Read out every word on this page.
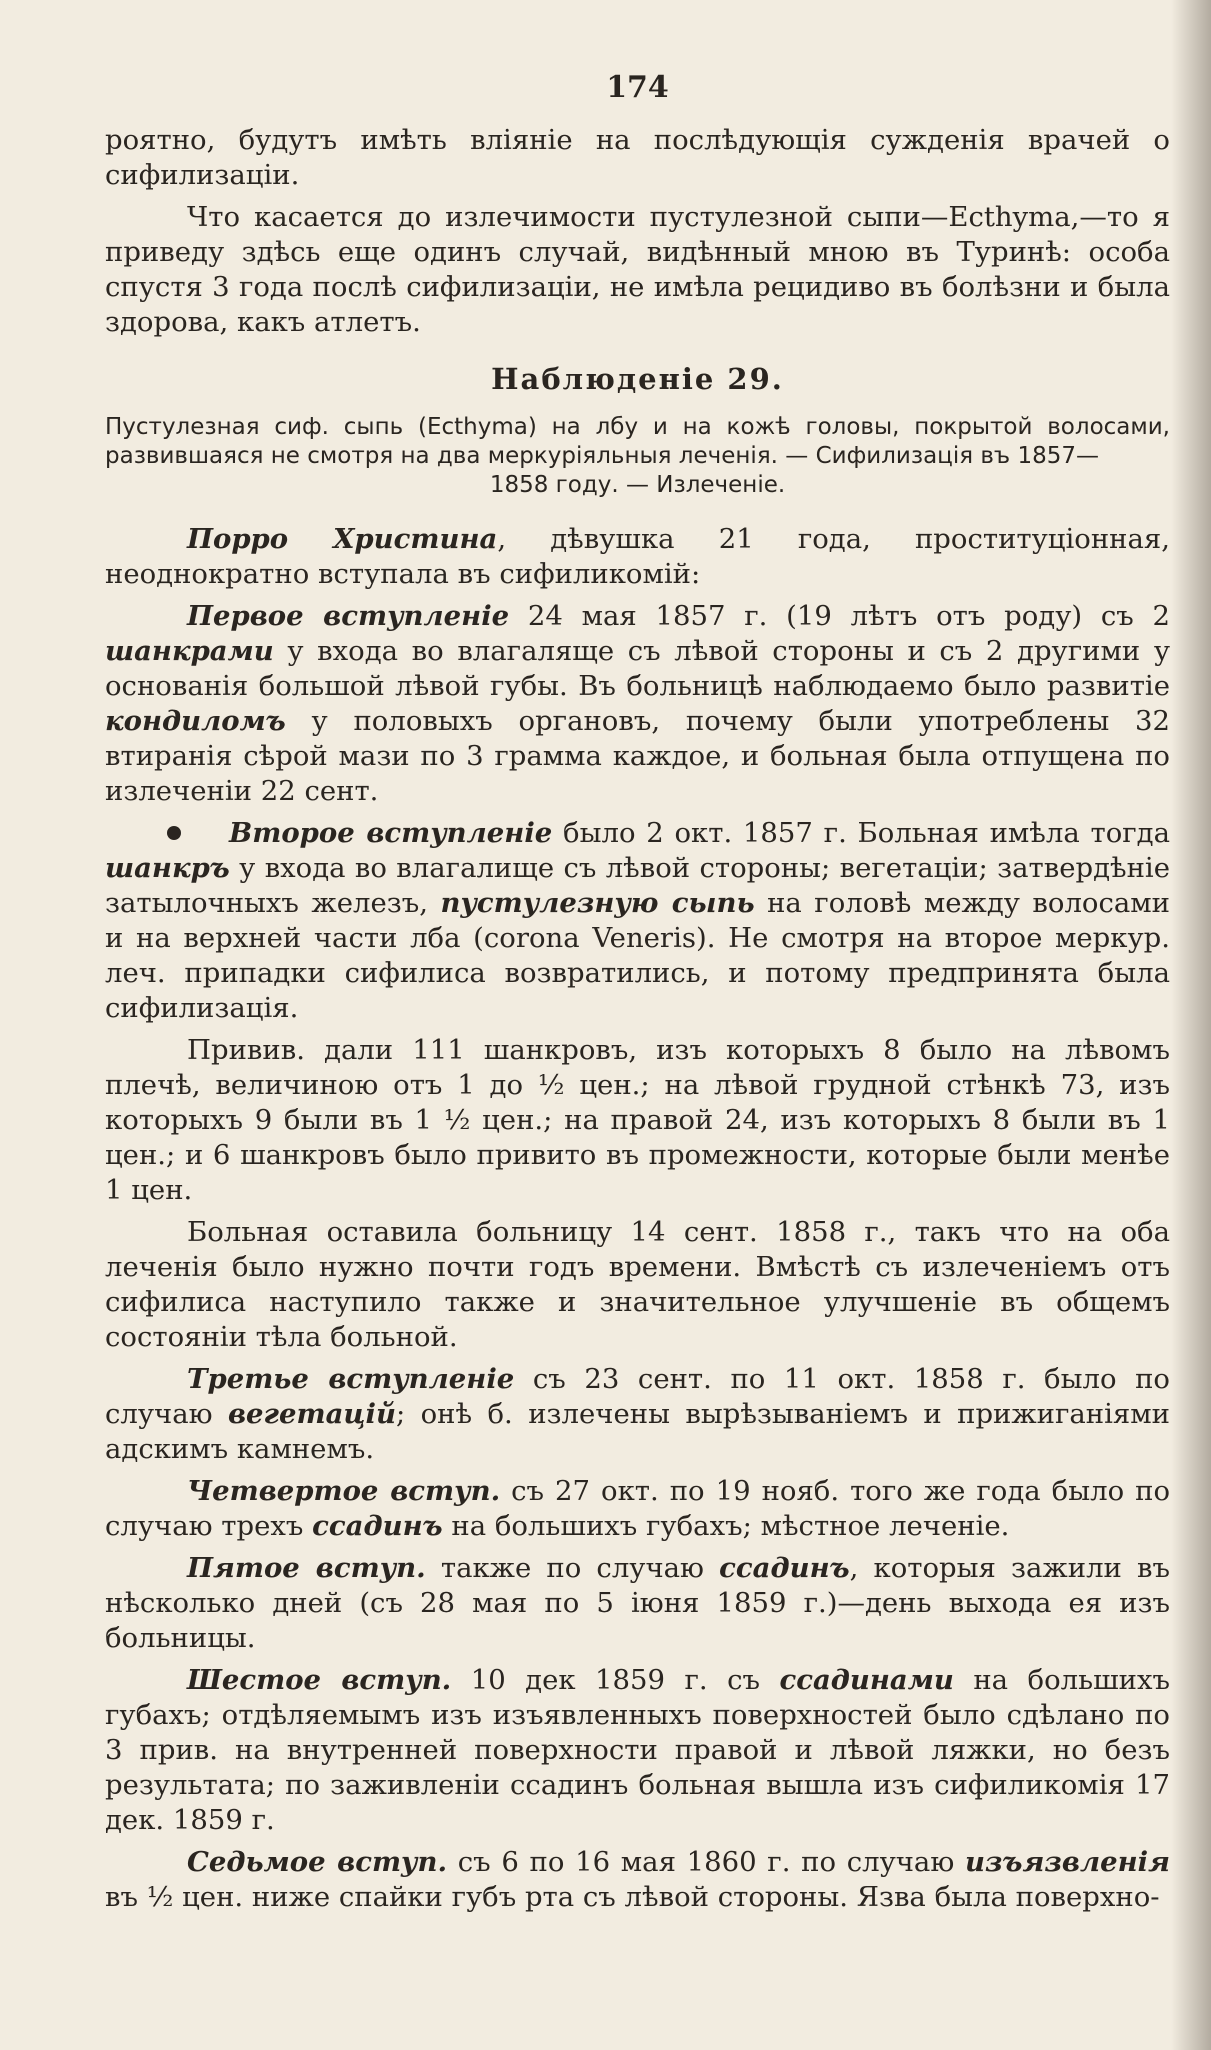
174

роятно, будутъ имѣть вліяніе на послѣдующія сужденія врачей о сифилизаціи.

Что касается до излечимости пустулезной сыпи—Ecthyma,—то я приведу здѣсь еще одинъ случай, видѣнный мною въ Туринѣ: особа спустя 3 года послѣ сифилизаціи, не имѣла рецидиво въ болѣзни и была здорова, какъ атлетъ.

Наблюденіе 29.
Пустулезная сиф. сыпь (Ecthyma) на лбу и на кожѣ головы, покрытой волосами, развившаяся не смотря на два меркуріяльныя леченія. — Сифилизація въ 1857—
1858 году. — Излеченіе.

Порро Христина, дѣвушка 21 года, проституціонная, неоднократно вступала въ сифиликомій:

Первое вступленіе 24 мая 1857 г. (19 лѣтъ отъ роду) съ 2 шанкрами у входа во влагаляще съ лѣвой стороны и съ 2 другими у основанія большой лѣвой губы. Въ больницѣ наблюдаемо было развитіе кондиломъ у половыхъ органовъ, почему были употреблены 32 втиранія сѣрой мази по 3 грамма каждое, и больная была отпущена по излеченіи 22 сент.

Второе вступленіе было 2 окт. 1857 г. Больная имѣла тогда шанкръ у входа во влагалище съ лѣвой стороны; вегетаціи; затвердѣніе затылочныхъ железъ, пустулезную сыпь на головѣ между волосами и на верхней части лба (corona Veneris). Не смотря на второе меркур. леч. припадки сифилиса возвратились, и потому предпринята была сифилизація.

Привив. дали 111 шанкровъ, изъ которыхъ 8 было на лѣвомъ плечѣ, величиною отъ 1 до ½ цен.; на лѣвой грудной стѣнкѣ 73, изъ которыхъ 9 были въ 1 ½ цен.; на правой 24, изъ которыхъ 8 были въ 1 цен.; и 6 шанкровъ было привито въ промежности, которые были менѣе 1 цен.

Больная оставила больницу 14 сент. 1858 г., такъ что на оба леченія было нужно почти годъ времени. Вмѣстѣ съ излеченіемъ отъ сифилиса наступило также и значительное улучшеніе въ общемъ состояніи тѣла больной.

Третье вступленіе съ 23 сент. по 11 окт. 1858 г. было по случаю вегетацій; онѣ б. излечены вырѣзываніемъ и прижиганіями адскимъ камнемъ.

Четвертое вступ. съ 27 окт. по 19 нояб. того же года было по случаю трехъ ссадинъ на большихъ губахъ; мѣстное леченіе.

Пятое вступ. также по случаю ссадинъ, которыя зажили въ нѣсколько дней (съ 28 мая по 5 іюня 1859 г.)—день выхода ея изъ больницы.

Шестое вступ. 10 дек 1859 г. съ ссадинами на большихъ губахъ; отдѣляемымъ изъ изъявленныхъ поверхностей было сдѣлано по 3 прив. на внутренней поверхности правой и лѣвой ляжки, но безъ результата; по заживленіи ссадинъ больная вышла изъ сифиликомія 17 дек. 1859 г.

Седьмое вступ. съ 6 по 16 мая 1860 г. по случаю изъязвленія въ ½ цен. ниже спайки губъ рта съ лѣвой стороны. Язва была поверхно-
